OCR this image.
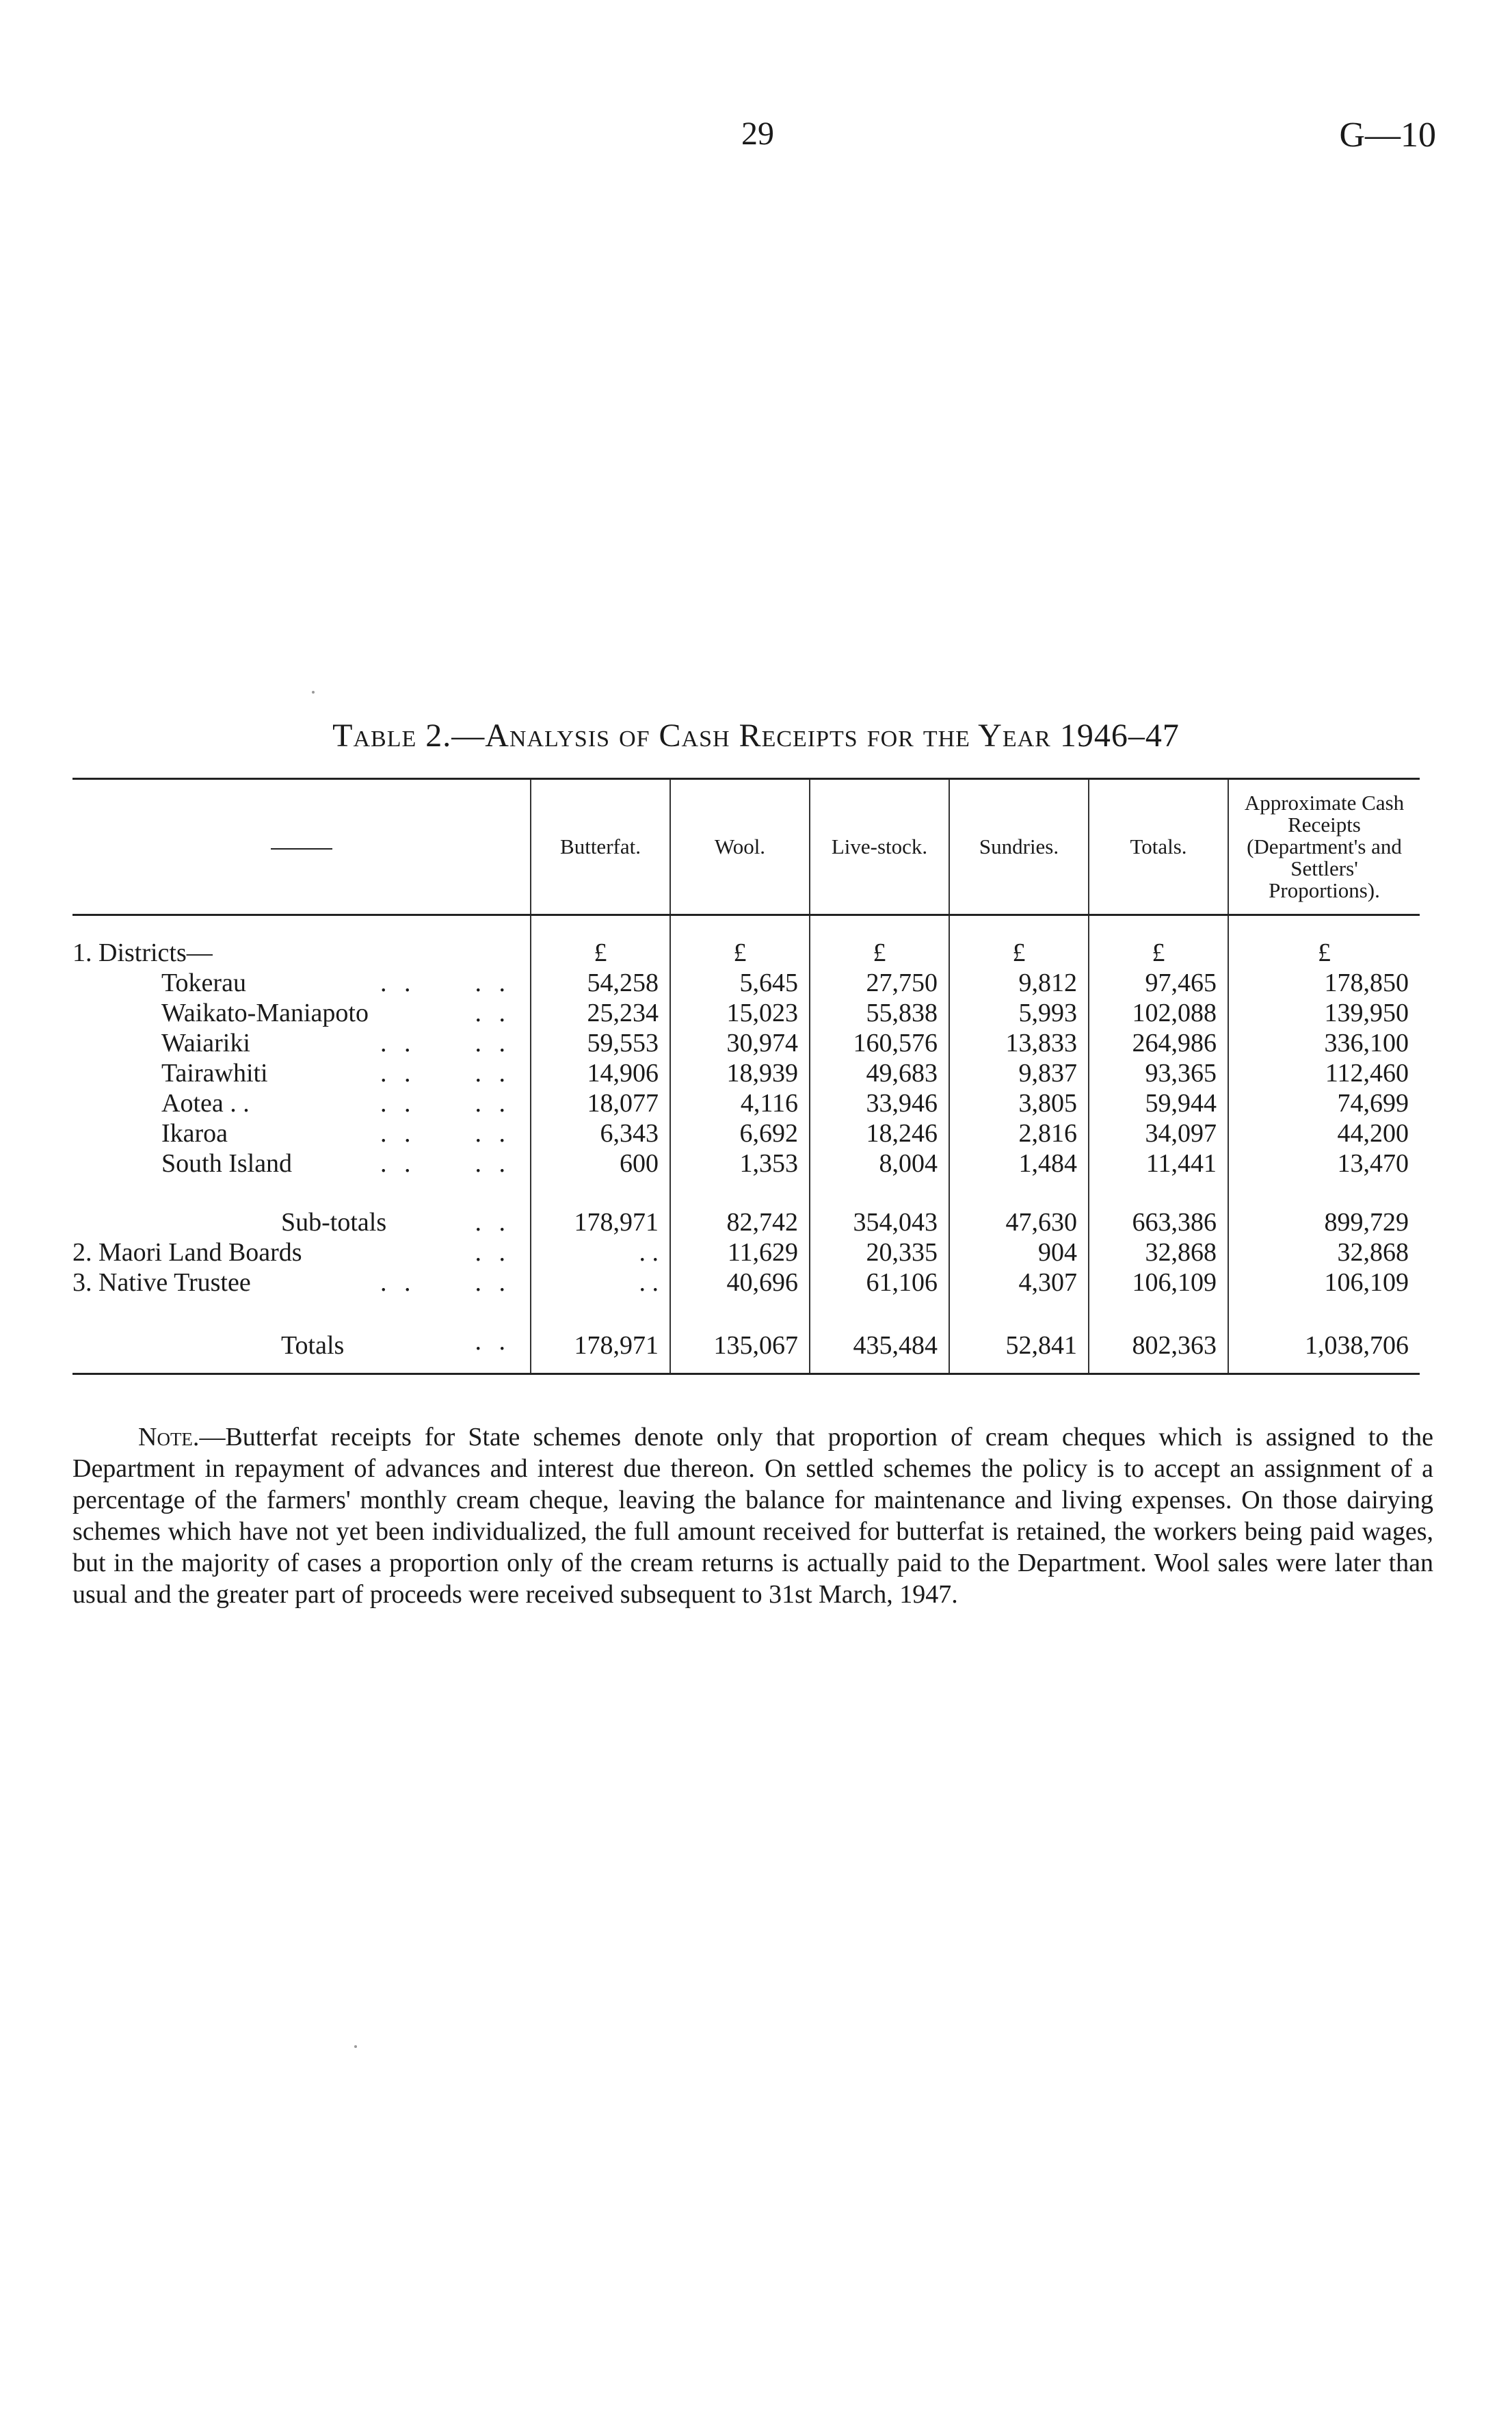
29	G—10
Table 2.—Analysis of Cash Receipts for the Year 1946–47
	Butterfat.	Wool.	Live-stock.	Sundries.	Totals.	Approximate Cash Receipts (Department's and Settlers' Proportions).

1. Districts—	£	£	£	£	£	£
Tokerau . . . .	54,258	5,645	27,750	9,812	97,465	178,850
Waikato-Maniapoto . .	25,234	15,023	55,838	5,993	102,088	139,950
Waiariki . . . .	59,553	30,974	160,576	13,833	264,986	336,100
Tairawhiti . . . .	14,906	18,939	49,683	9,837	93,365	112,460
Aotea . . . . . .	18,077	4,116	33,946	3,805	59,944	74,699
Ikaroa . . . .	6,343	6,692	18,246	2,816	34,097	44,200
South Island . . . .	600	1,353	8,004	1,484	11,441	13,470

Sub-totals . .	178,971	82,742	354,043	47,630	663,386	899,729
2. Maori Land Boards . .	. .	11,629	20,335	904	32,868	32,868
3. Native Trustee . . . .	. .	40,696	61,106	4,307	106,109	106,109

Totals . .	178,971	135,067	435,484	52,841	802,363	1,038,706
Note.—Butterfat receipts for State schemes denote only that proportion of cream cheques which is assigned to the Department in repayment of advances and interest due thereon. On settled schemes the policy is to accept an assignment of a percentage of the farmers' monthly cream cheque, leaving the balance for maintenance and living expenses. On those dairying schemes which have not yet been individualized, the full amount received for butterfat is retained, the workers being paid wages, but in the majority of cases a proportion only of the cream returns is actually paid to the Department. Wool sales were later than usual and the greater part of proceeds were received subsequent to 31st March, 1947.
